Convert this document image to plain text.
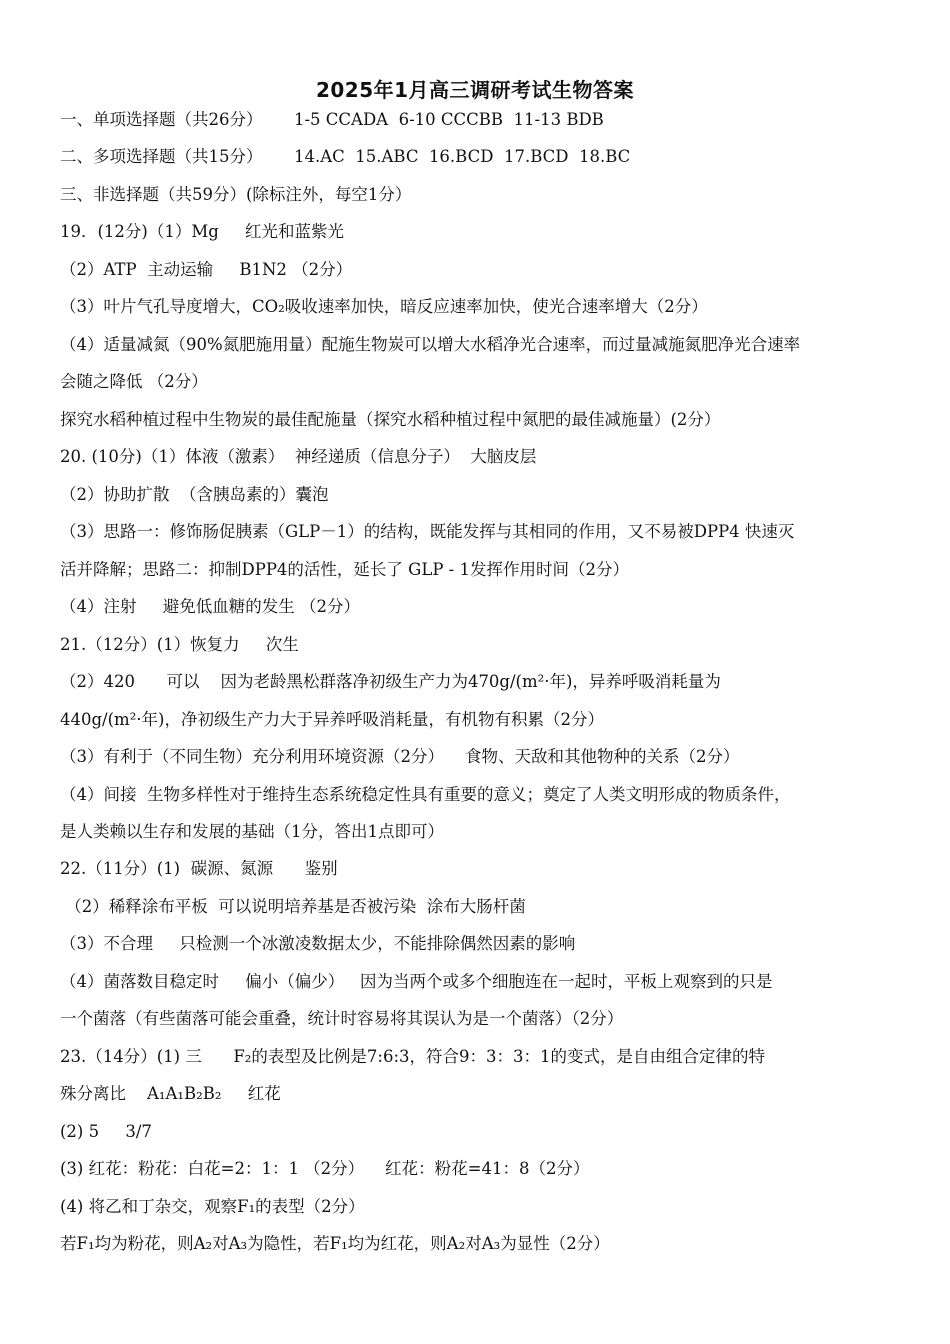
2025年1月高三调研考试生物答案
一、单项选择题（共26分）      1-5 CCADA  6-10 CCCBB  11-13 BDB
二、多项选择题（共15分）      14.AC  15.ABC  16.BCD  17.BCD  18.BC
三、非选择题（共59分）(除标注外，每空1分）
19．(12分)（1）Mg     红光和蓝紫光
（2）ATP  主动运输     B1N2 （2分）
（3）叶片气孔导度增大，CO₂吸收速率加快，暗反应速率加快，使光合速率增大（2分）
（4）适量减氮（90%氮肥施用量）配施生物炭可以增大水稻净光合速率，而过量减施氮肥净光合速率
会随之降低 （2分）
探究水稻种植过程中生物炭的最佳配施量（探究水稻种植过程中氮肥的最佳减施量）(2分）
20. (10分)（1）体液（激素）  神经递质（信息分子）  大脑皮层
（2）协助扩散  （含胰岛素的）囊泡
（3）思路一：修饰肠促胰素（GLP－1）的结构，既能发挥与其相同的作用，又不易被DPP4 快速灭
活并降解；思路二：抑制DPP4的活性，延长了 GLP - 1发挥作用时间（2分）
（4）注射     避免低血糖的发生 （2分）
21.（12分）(1）恢复力     次生
（2）420      可以    因为老龄黑松群落净初级生产力为470g/(m²·年)，异养呼吸消耗量为
440g/(m²·年)，净初级生产力大于异养呼吸消耗量，有机物有积累（2分）
（3）有利于（不同生物）充分利用环境资源（2分）    食物、天敌和其他物种的关系（2分）
（4）间接  生物多样性对于维持生态系统稳定性具有重要的意义；奠定了人类文明形成的物质条件，
是人类赖以生存和发展的基础（1分，答出1点即可）
22.（11分）(1)  碳源、氮源      鉴别
（2）稀释涂布平板  可以说明培养基是否被污染  涂布大肠杆菌
（3）不合理     只检测一个冰激凌数据太少，不能排除偶然因素的影响
（4）菌落数目稳定时     偏小（偏少）   因为当两个或多个细胞连在一起时，平板上观察到的只是
一个菌落（有些菌落可能会重叠，统计时容易将其误认为是一个菌落）（2分）
23.（14分）(1) 三      F₂的表型及比例是7:6:3，符合9：3：3：1的变式，是自由组合定律的特
殊分离比    A₁A₁B₂B₂     红花
(2) 5     3/7
(3) 红花：粉花：白花=2：1：1 （2分）    红花：粉花=41：8（2分）
(4) 将乙和丁杂交，观察F₁的表型（2分）
若F₁均为粉花，则A₂对A₃为隐性，若F₁均为红花，则A₂对A₃为显性（2分）
